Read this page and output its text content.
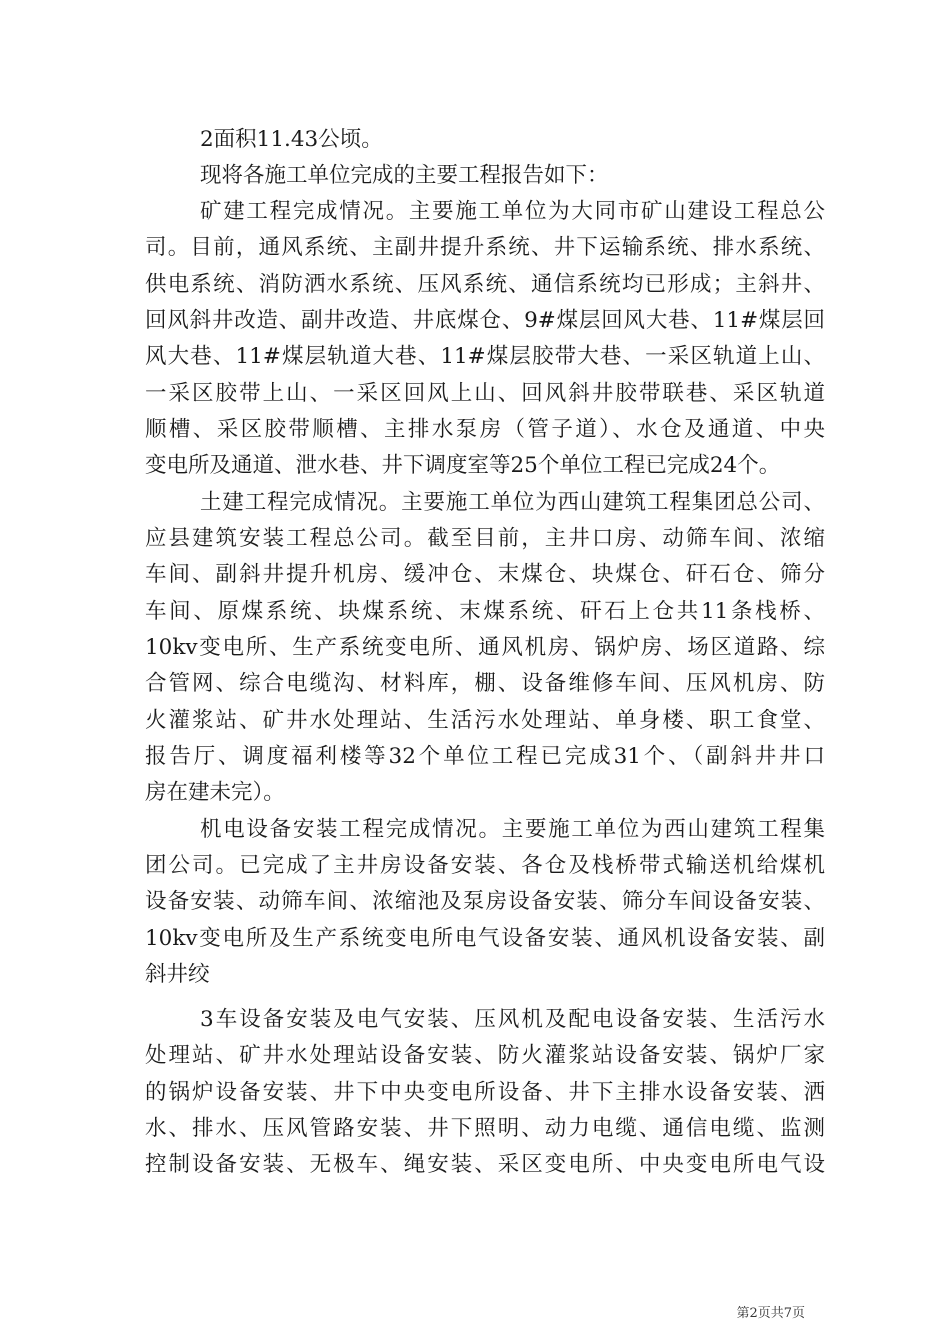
2面积11.43公顷。
现将各施工单位完成的主要工程报告如下：
矿建工程完成情况。主要施工单位为大同市矿山建设工程总公
司。目前，通风系统、主副井提升系统、井下运输系统、排水系统、
供电系统、消防洒水系统、压风系统、通信系统均已形成；主斜井、
回风斜井改造、副井改造、井底煤仓、9#煤层回风大巷、11#煤层回
风大巷、11#煤层轨道大巷、11#煤层胶带大巷、一采区轨道上山、
一采区胶带上山、一采区回风上山、回风斜井胶带联巷、采区轨道
顺槽、采区胶带顺槽、主排水泵房（管子道）、水仓及通道、中央
变电所及通道、泄水巷、井下调度室等25个单位工程已完成24个。
土建工程完成情况。主要施工单位为西山建筑工程集团总公司、
应县建筑安装工程总公司。截至目前，主井口房、动筛车间、浓缩
车间、副斜井提升机房、缓冲仓、末煤仓、块煤仓、矸石仓、筛分
车间、原煤系统、块煤系统、末煤系统、矸石上仓共11条栈桥、
10kv变电所、生产系统变电所、通风机房、锅炉房、场区道路、综
合管网、综合电缆沟、材料库，棚、设备维修车间、压风机房、防
火灌浆站、矿井水处理站、生活污水处理站、单身楼、职工食堂、
报告厅、调度福利楼等32个单位工程已完成31个、（副斜井井口
房在建未完）。
机电设备安装工程完成情况。主要施工单位为西山建筑工程集
团公司。已完成了主井房设备安装、各仓及栈桥带式输送机给煤机
设备安装、动筛车间、浓缩池及泵房设备安装、筛分车间设备安装、
10kv变电所及生产系统变电所电气设备安装、通风机设备安装、副
斜井绞
3车设备安装及电气安装、压风机及配电设备安装、生活污水
处理站、矿井水处理站设备安装、防火灌浆站设备安装、锅炉厂家
的锅炉设备安装、井下中央变电所设备、井下主排水设备安装、洒
水、排水、压风管路安装、井下照明、动力电缆、通信电缆、监测
控制设备安装、无极车、绳安装、采区变电所、中央变电所电气设
第2页共7页
